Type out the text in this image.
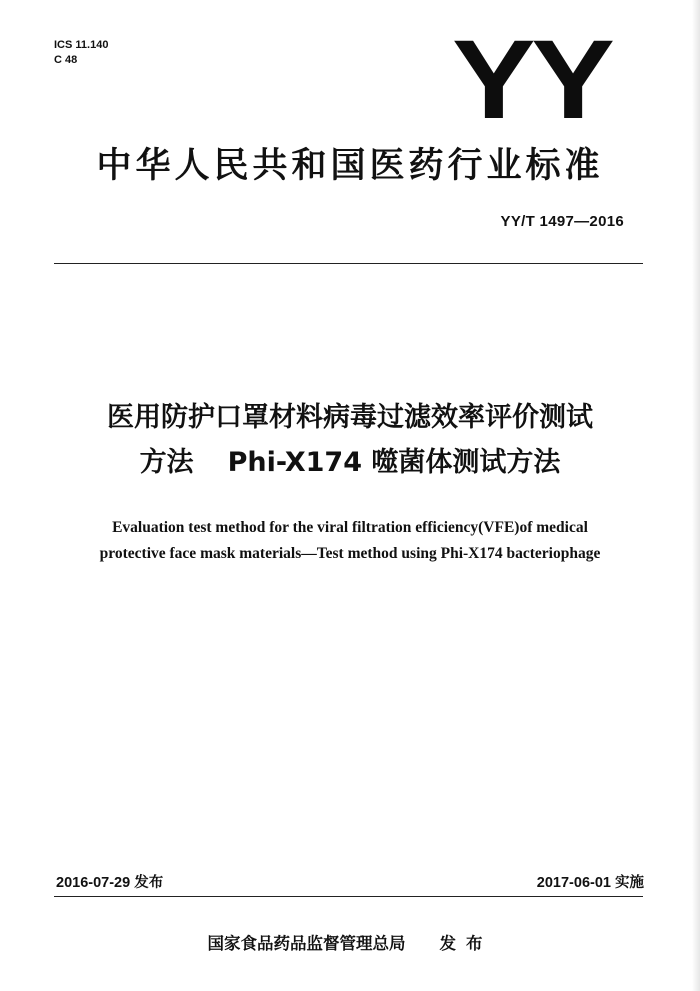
ICS 11.140
C 48	YY
中华人民共和国医药行业标准
YY/T 1497—2016
医用防护口罩材料病毒过滤效率评价测试
方法 Phi-X174 噬菌体测试方法
Evaluation test method for the viral filtration efficiency(VFE)of medical
protective face mask materials—Test method using Phi-X174 bacteriophage
2016-07-29 发布	2017-06-01 实施
国家食品药品监督管理总局 发布
